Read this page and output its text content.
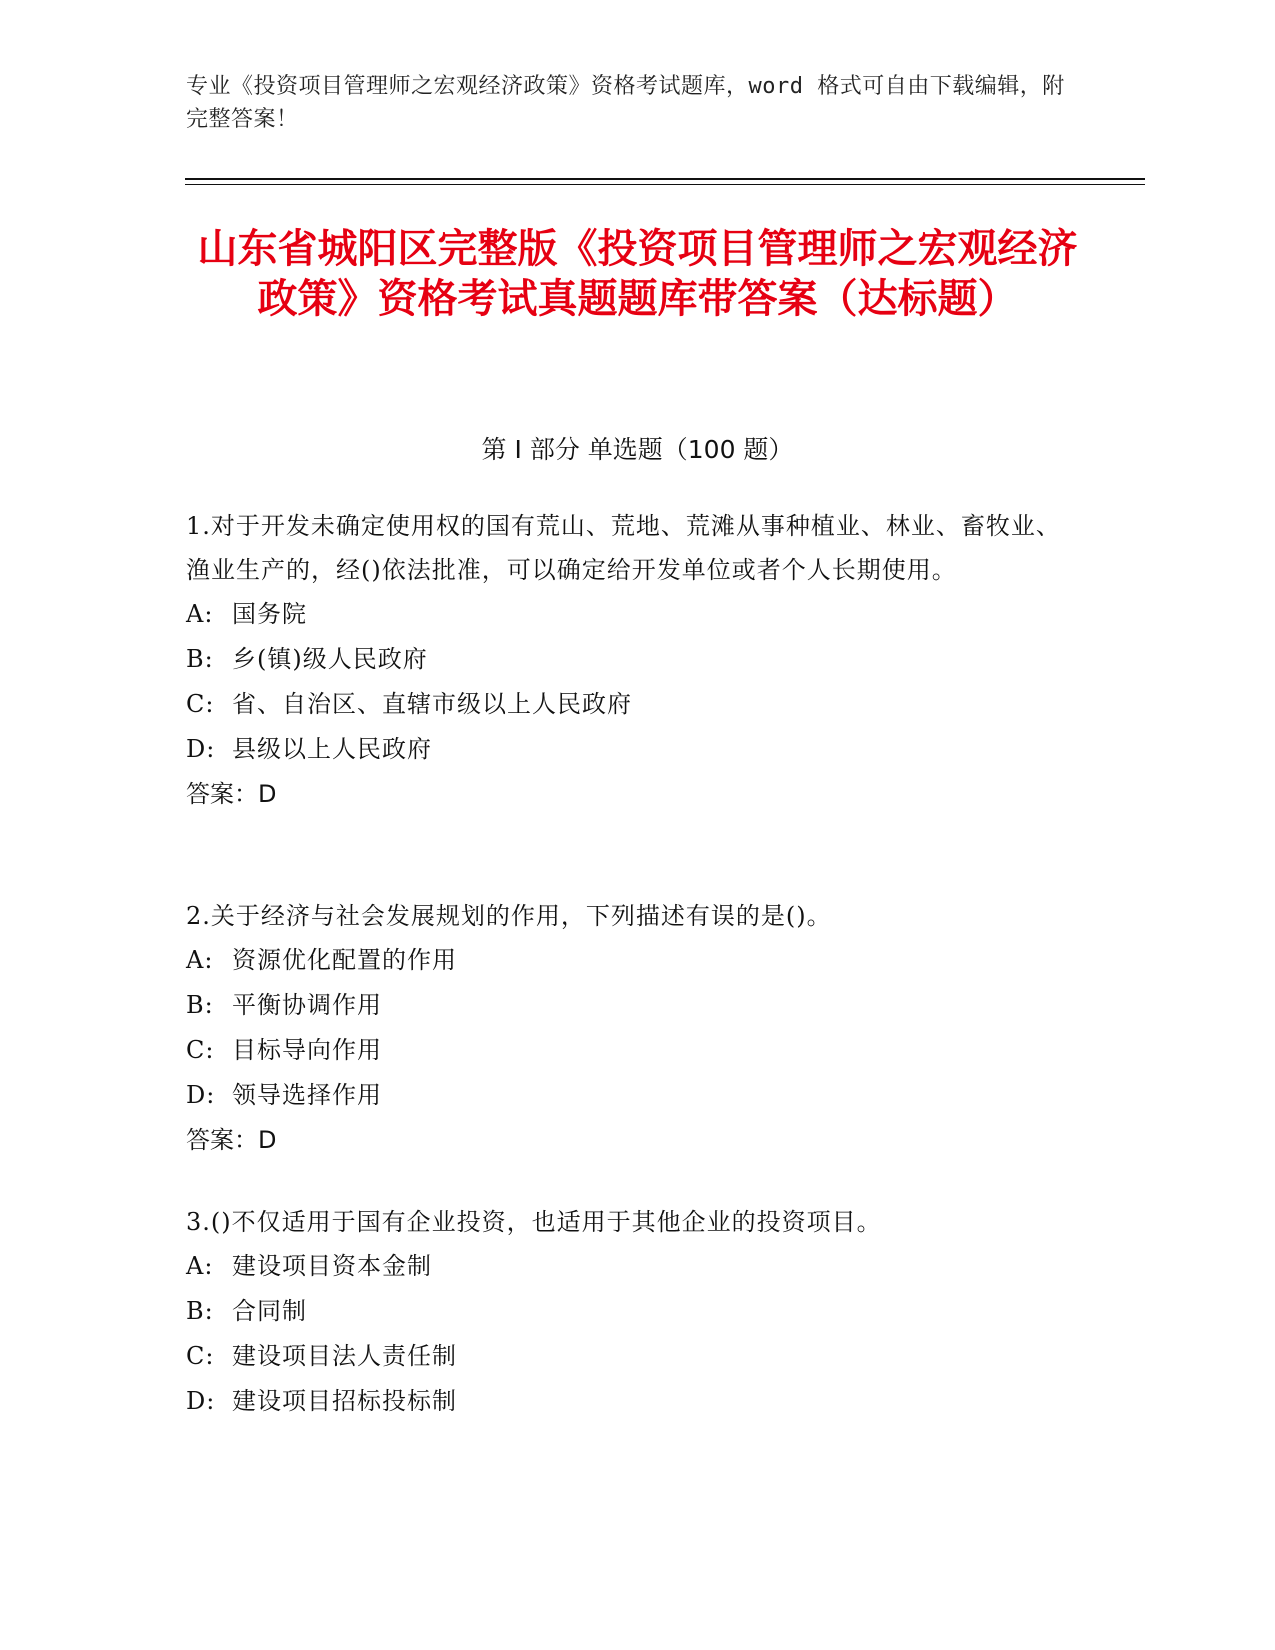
专业《投资项目管理师之宏观经济政策》资格考试题库，word 格式可自由下载编辑，附完整答案！
山东省城阳区完整版《投资项目管理师之宏观经济政策》资格考试真题题库带答案（达标题）
第 I 部分 单选题（100 题）

1.对于开发未确定使用权的国有荒山、荒地、荒滩从事种植业、林业、畜牧业、渔业生产的，经()依法批准，可以确定给开发单位或者个人长期使用。

A: 国务院

B: 乡(镇)级人民政府

C: 省、自治区、直辖市级以上人民政府

D: 县级以上人民政府

答案：D

2.关于经济与社会发展规划的作用，下列描述有误的是()。

A: 资源优化配置的作用

B: 平衡协调作用

C: 目标导向作用

D: 领导选择作用

答案：D

3.()不仅适用于国有企业投资，也适用于其他企业的投资项目。

A: 建设项目资本金制

B: 合同制

C: 建设项目法人责任制

D: 建设项目招标投标制
